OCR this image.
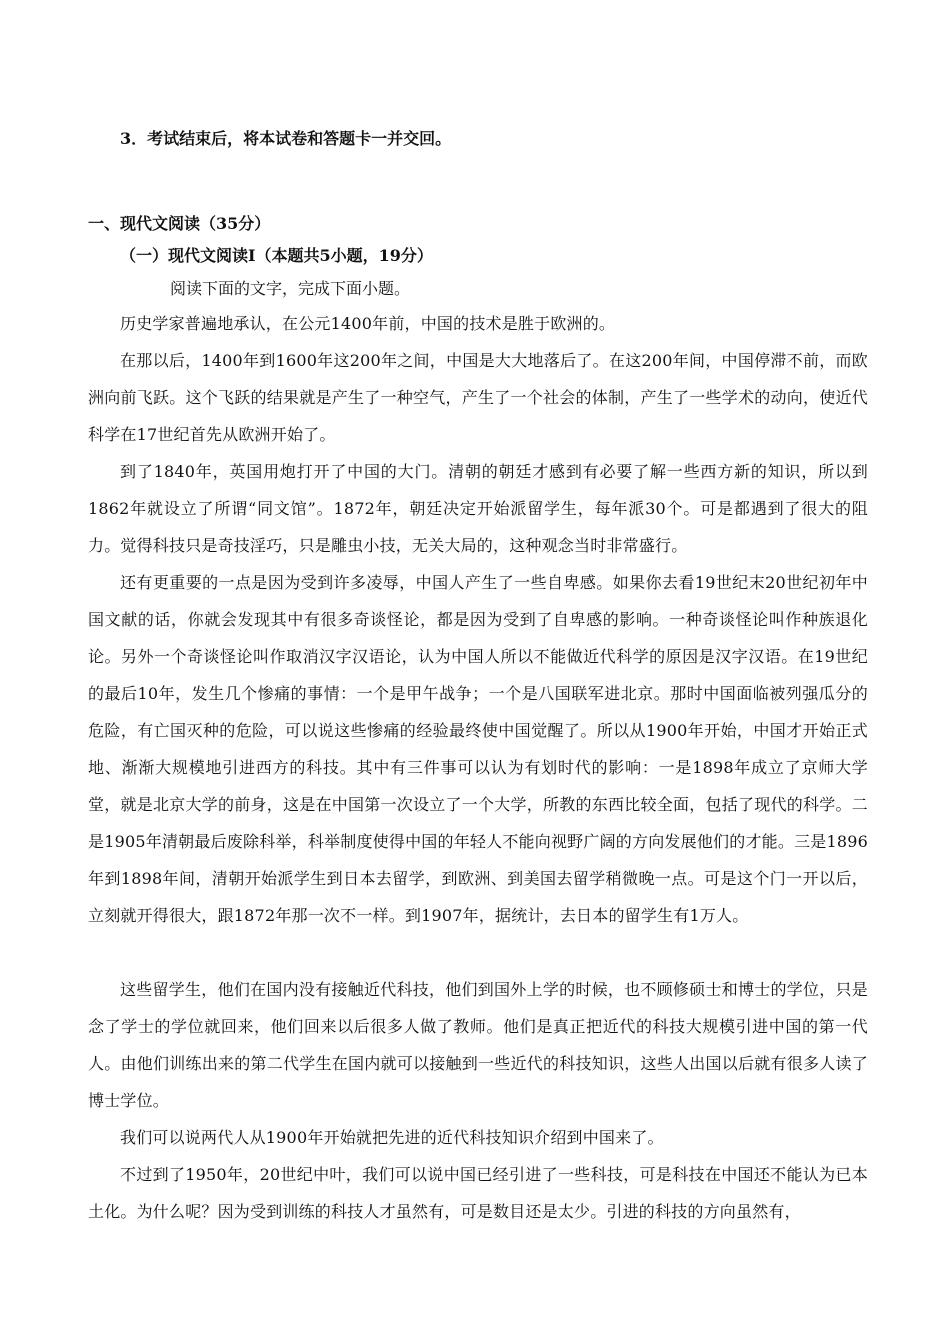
3．考试结束后，将本试卷和答题卡一并交回。
一、现代文阅读（35分）
（一）现代文阅读Ⅰ（本题共5小题，19分）
阅读下面的文字，完成下面小题。
历史学家普遍地承认，在公元1400年前，中国的技术是胜于欧洲的。
在那以后，1400年到1600年这200年之间，中国是大大地落后了。在这200年间，中国停滞不前，而欧洲向前飞跃。这个飞跃的结果就是产生了一种空气，产生了一个社会的体制，产生了一些学术的动向，使近代科学在17世纪首先从欧洲开始了。
到了1840年，英国用炮打开了中国的大门。清朝的朝廷才感到有必要了解一些西方新的知识，所以到1862年就设立了所谓“同文馆”。1872年，朝廷决定开始派留学生，每年派30个。可是都遇到了很大的阻力。觉得科技只是奇技淫巧，只是雕虫小技，无关大局的，这种观念当时非常盛行。
还有更重要的一点是因为受到许多凌辱，中国人产生了一些自卑感。如果你去看19世纪末20世纪初年中国文献的话，你就会发现其中有很多奇谈怪论，都是因为受到了自卑感的影响。一种奇谈怪论叫作种族退化论。另外一个奇谈怪论叫作取消汉字汉语论，认为中国人所以不能做近代科学的原因是汉字汉语。在19世纪的最后10年，发生几个惨痛的事情：一个是甲午战争；一个是八国联军进北京。那时中国面临被列强瓜分的危险，有亡国灭种的危险，可以说这些惨痛的经验最终使中国觉醒了。所以从1900年开始，中国才开始正式地、渐渐大规模地引进西方的科技。其中有三件事可以认为有划时代的影响：一是1898年成立了京师大学堂，就是北京大学的前身，这是在中国第一次设立了一个大学，所教的东西比较全面，包括了现代的科学。二是1905年清朝最后废除科举，科举制度使得中国的年轻人不能向视野广阔的方向发展他们的才能。三是1896年到1898年间，清朝开始派学生到日本去留学，到欧洲、到美国去留学稍微晚一点。可是这个门一开以后，立刻就开得很大，跟1872年那一次不一样。到1907年，据统计，去日本的留学生有1万人。
这些留学生，他们在国内没有接触近代科技，他们到国外上学的时候，也不顾修硕士和博士的学位，只是念了学士的学位就回来，他们回来以后很多人做了教师。他们是真正把近代的科技大规模引进中国的第一代人。由他们训练出来的第二代学生在国内就可以接触到一些近代的科技知识，这些人出国以后就有很多人读了博士学位。
我们可以说两代人从1900年开始就把先进的近代科技知识介绍到中国来了。
不过到了1950年，20世纪中叶，我们可以说中国已经引进了一些科技，可是科技在中国还不能认为已本土化。为什么呢？因为受到训练的科技人才虽然有，可是数目还是太少。引进的科技的方向虽然有，
